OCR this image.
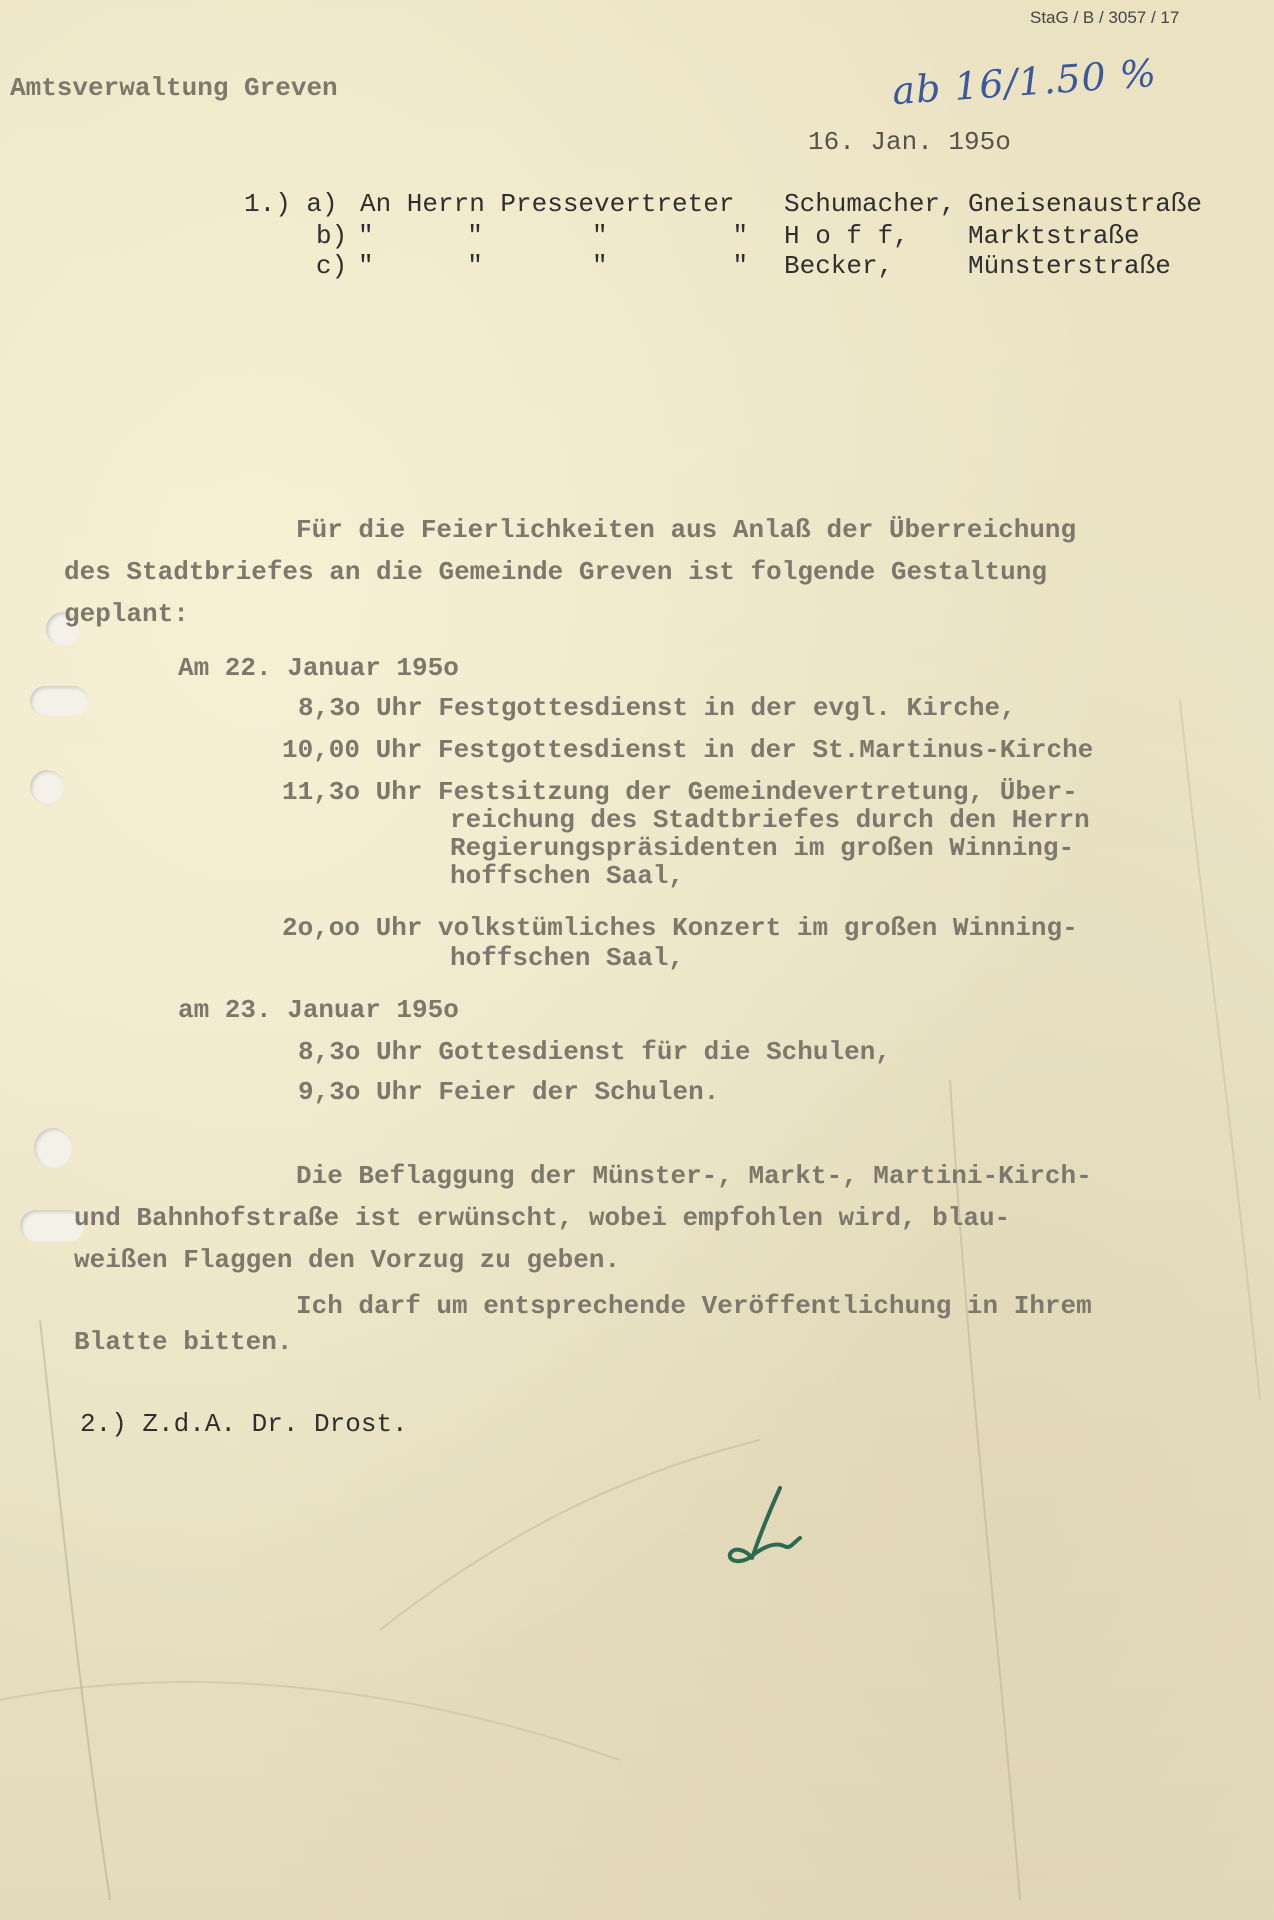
StaG / B / 3057 / 17
ab 16/1.50 %
Amtsverwaltung Greven
16. Jan. 195o
1.) a) An Herrn Pressevertreter Schumacher, Gneisenaustraße
b) "      "       "        " H o f f, Marktstraße
c) "      "       "        " Becker,	Münsterstraße
Für die Feierlichkeiten aus Anlaß der Überreichung
des Stadtbriefes an die Gemeinde Greven ist folgende Gestaltung
geplant:
Am 22. Januar 195o
8,3o Uhr Festgottesdienst in der evgl. Kirche,
10,00 Uhr Festgottesdienst in der St.Martinus-Kirche
11,3o Uhr Festsitzung der Gemeindevertretung, Über-
reichung des Stadtbriefes durch den Herrn
Regierungspräsidenten im großen Winning-
hoffschen Saal,
2o,oo Uhr volkstümliches Konzert im großen Winning-
hoffschen Saal,
am 23. Januar 195o
8,3o Uhr Gottesdienst für die Schulen,
9,3o Uhr Feier der Schulen.
Die Beflaggung der Münster-, Markt-, Martini-Kirch-
und Bahnhofstraße ist erwünscht, wobei empfohlen wird, blau-
weißen Flaggen den Vorzug zu geben.
Ich darf um entsprechende Veröffentlichung in Ihrem
Blatte bitten.
2.) Z.d.A. Dr. Drost.
